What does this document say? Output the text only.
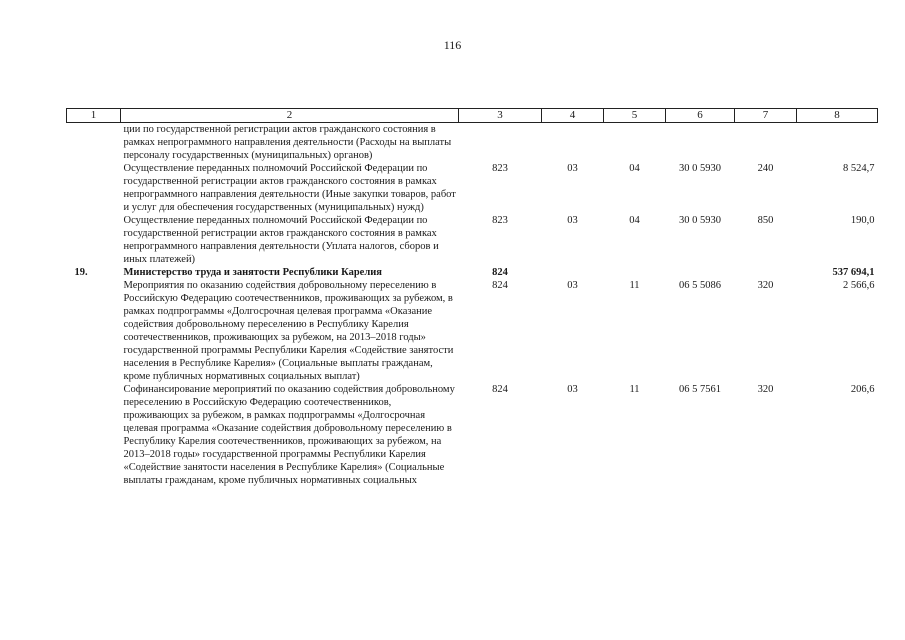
116
1	2	3	4	5	6	7	8
	ции по государственной регистрации актов гражданского состояния в рамках непрограммного направления деятельности (Расходы на выплаты персоналу государственных (муниципальных) органов)						
	Осуществление переданных полномочий Российской Федерации по государственной регистрации актов гражданского состояния в рамках непрограммного направления деятельности (Иные закупки товаров, работ и услуг для обеспечения государственных (муниципальных) нужд)	823	03	04	30 0 5930	240	8 524,7
	Осуществление переданных полномочий Российской Федерации по государственной регистрации актов гражданского состояния в рамках непрограммного направления деятельности (Уплата налогов, сборов и иных платежей)	823	03	04	30 0 5930	850	190,0
19.	Министерство труда и занятости Республики Карелия	824					537 694,1
	Мероприятия по оказанию содействия добровольному переселению в Российскую Федерацию соотечественников, проживающих за рубежом, в рамках подпрограммы «Долгосрочная целевая программа «Оказание содействия добровольному переселению в Республику Карелия соотечественников, проживающих за рубежом, на 2013–2018 годы» государственной программы Республики Карелия «Содействие занятости населения в Республике Карелия» (Социальные выплаты гражданам, кроме публичных нормативных социальных выплат)	824	03	11	06 5 5086	320	2 566,6
	Софинансирование мероприятий по оказанию содействия добровольному переселению в Российскую Федерацию соотечественников, проживающих за рубежом, в рамках подпрограммы «Долгосрочная целевая программа «Оказание содействия добровольному переселению в Республику Карелия соотечественников, проживающих за рубежом, на 2013–2018 годы» государственной программы Республики Карелия «Содействие занятости населения в Республике Карелия» (Социальные выплаты гражданам, кроме публичных нормативных социальных	824	03	11	06 5 7561	320	206,6
